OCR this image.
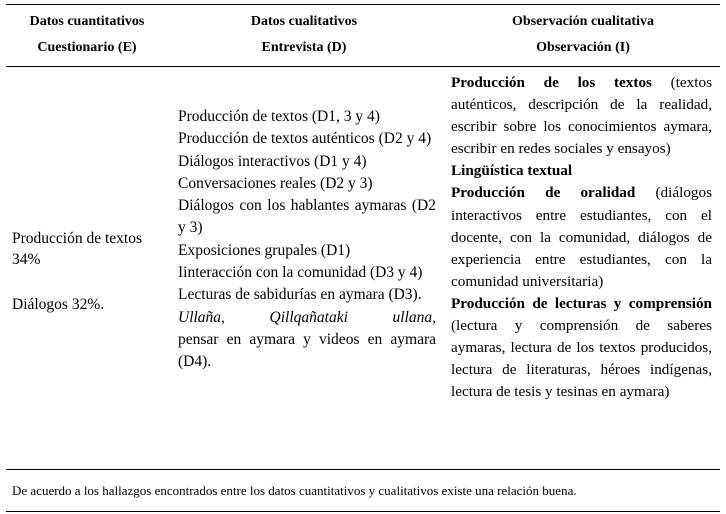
Datos cuantitativos
Cuestionario (E)
Datos cualitativos
Entrevista (D)
Observación cualitativa
Observación (I)
Producción de textos 34%
Diálogos 32%.
Producción de textos (D1, 3 y 4)
Producción de textos auténticos (D2 y 4)
Diálogos interactivos (D1 y 4)
Conversaciones reales (D2 y 3)
Diálogos con los hablantes aymaras (D2 y 3)
Exposiciones grupales (D1)
Iinteracción con la comunidad (D3 y 4)
Lecturas de sabidurías en aymara (D3).
Ullaña, Qillqañataki ullana,
pensar en aymara y videos en aymara (D4).

Producción de los textos (textos auténticos, descripción de la realidad, escribir sobre los conocimientos aymara, escribir en redes sociales y ensayos)

Lingüística textual

Producción de oralidad (diálogos interactivos entre estudiantes, con el docente, con la comunidad, diálogos de experiencia entre estudiantes, con la comunidad universitaria)

Producción de lecturas y comprensión (lectura y comprensión de saberes aymaras, lectura de los textos producidos, lectura de literaturas, héroes indígenas, lectura de tesis y tesinas en aymara)

De acuerdo a los hallazgos encontrados entre los datos cuantitativos y cualitativos existe una relación buena.
